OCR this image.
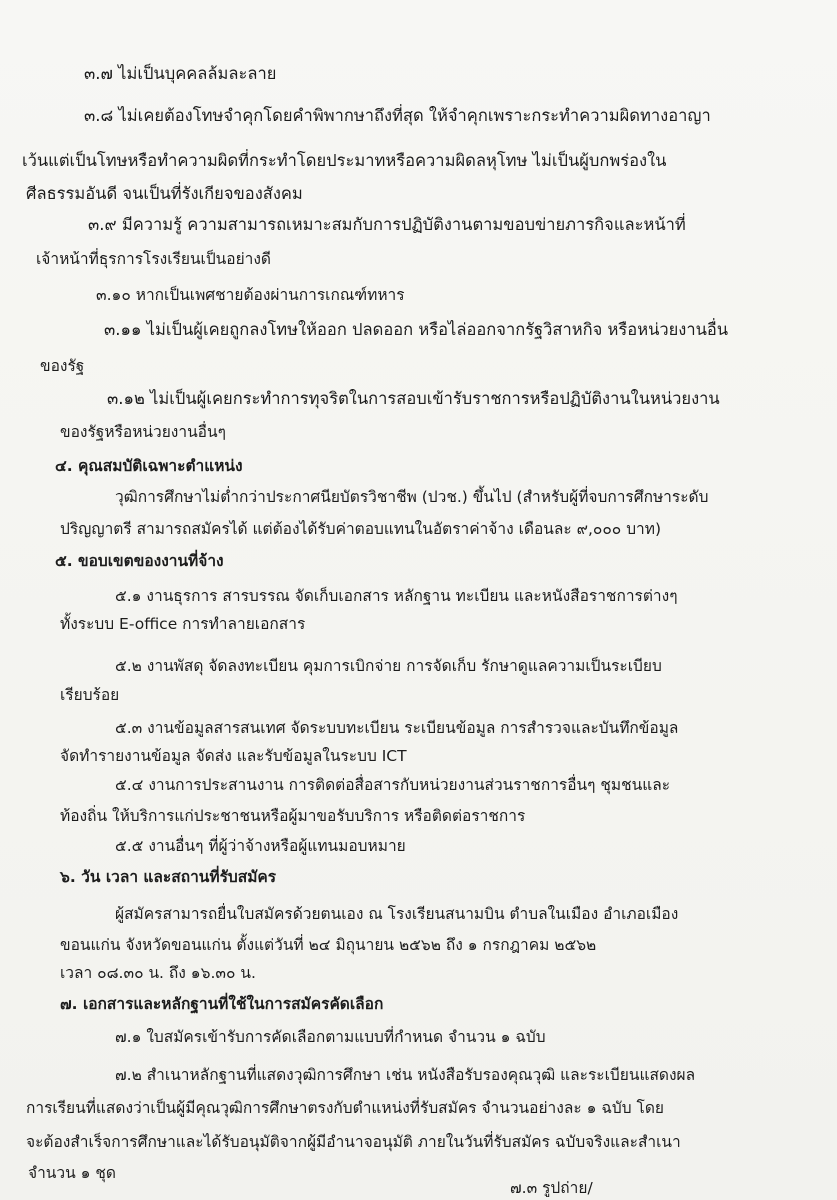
๓.๗ ไม่เป็นบุคคลล้มละลาย
๓.๘ ไม่เคยต้องโทษจำคุกโดยคำพิพากษาถึงที่สุด ให้จำคุกเพราะกระทำความผิดทางอาญา
เว้นแต่เป็นโทษหรือทำความผิดที่กระทำโดยประมาทหรือความผิดลหุโทษ ไม่เป็นผู้บกพร่องใน
ศีลธรรมอันดี จนเป็นที่รังเกียจของสังคม
๓.๙ มีความรู้ ความสามารถเหมาะสมกับการปฏิบัติงานตามขอบข่ายภารกิจและหน้าที่
เจ้าหน้าที่ธุรการโรงเรียนเป็นอย่างดี
๓.๑๐ หากเป็นเพศชายต้องผ่านการเกณฑ์ทหาร
๓.๑๑ ไม่เป็นผู้เคยถูกลงโทษให้ออก ปลดออก หรือไล่ออกจากรัฐวิสาหกิจ หรือหน่วยงานอื่น
ของรัฐ
๓.๑๒ ไม่เป็นผู้เคยกระทำการทุจริตในการสอบเข้ารับราชการหรือปฏิบัติงานในหน่วยงาน
ของรัฐหรือหน่วยงานอื่นๆ
๔. คุณสมบัติเฉพาะตำแหน่ง
วุฒิการศึกษาไม่ต่ำกว่าประกาศนียบัตรวิชาชีพ (ปวช.) ขึ้นไป (สำหรับผู้ที่จบการศึกษาระดับ
ปริญญาตรี สามารถสมัครได้ แต่ต้องได้รับค่าตอบแทนในอัตราค่าจ้าง เดือนละ ๙,๐๐๐ บาท)
๕. ขอบเขตของงานที่จ้าง
๕.๑ งานธุรการ สารบรรณ จัดเก็บเอกสาร หลักฐาน ทะเบียน และหนังสือราชการต่างๆ
ทั้งระบบ E-office การทำลายเอกสาร
๕.๒ งานพัสดุ จัดลงทะเบียน คุมการเบิกจ่าย การจัดเก็บ รักษาดูแลความเป็นระเบียบ
เรียบร้อย
๕.๓ งานข้อมูลสารสนเทศ จัดระบบทะเบียน ระเบียนข้อมูล การสำรวจและบันทึกข้อมูล
จัดทำรายงานข้อมูล จัดส่ง และรับข้อมูลในระบบ ICT
๕.๔ งานการประสานงาน การติดต่อสื่อสารกับหน่วยงานส่วนราชการอื่นๆ ชุมชนและ
ท้องถิ่น ให้บริการแก่ประชาชนหรือผู้มาขอรับบริการ หรือติดต่อราชการ
๕.๕ งานอื่นๆ ที่ผู้ว่าจ้างหรือผู้แทนมอบหมาย
๖. วัน เวลา และสถานที่รับสมัคร
ผู้สมัครสามารถยื่นใบสมัครด้วยตนเอง ณ โรงเรียนสนามบิน ตำบลในเมือง อำเภอเมือง
ขอนแก่น จังหวัดขอนแก่น ตั้งแต่วันที่ ๒๔ มิถุนายน ๒๕๖๒ ถึง ๑ กรกฎาคม ๒๕๖๒
เวลา ๐๘.๓๐ น. ถึง ๑๖.๓๐ น.
๗. เอกสารและหลักฐานที่ใช้ในการสมัครคัดเลือก
๗.๑ ใบสมัครเข้ารับการคัดเลือกตามแบบที่กำหนด จำนวน ๑ ฉบับ
๗.๒ สำเนาหลักฐานที่แสดงวุฒิการศึกษา เช่น หนังสือรับรองคุณวุฒิ และระเบียนแสดงผล
การเรียนที่แสดงว่าเป็นผู้มีคุณวุฒิการศึกษาตรงกับตำแหน่งที่รับสมัคร จำนวนอย่างละ ๑ ฉบับ โดย
จะต้องสำเร็จการศึกษาและได้รับอนุมัติจากผู้มีอำนาจอนุมัติ ภายในวันที่รับสมัคร ฉบับจริงและสำเนา
จำนวน ๑ ชุด
๗.๓ รูปถ่าย/
